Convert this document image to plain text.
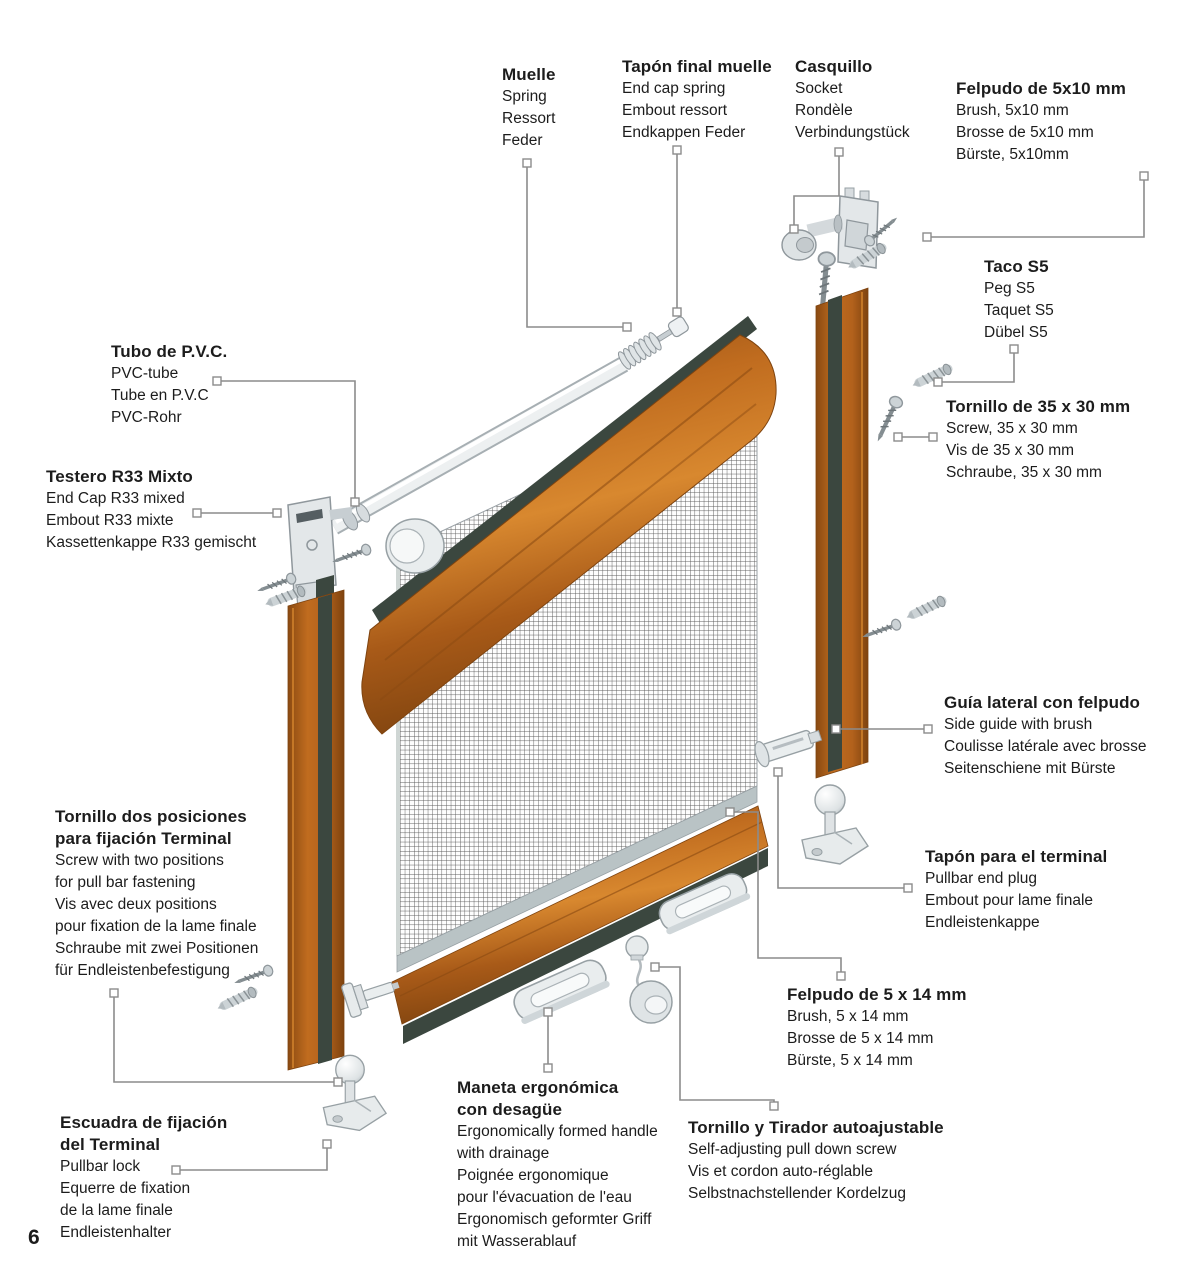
Muelle
Spring
Ressort
Feder
Tapón final muelle
End cap spring
Embout ressort
Endkappen Feder
Casquillo
Socket
Rondèle
Verbindungstück
Felpudo de 5x10 mm
Brush, 5x10 mm
Brosse de 5x10 mm
Bürste, 5x10mm
Taco S5
Peg S5
Taquet S5
Dübel S5
Tornillo de 35 x 30 mm
Screw, 35 x 30 mm
Vis de 35 x 30 mm
Schraube, 35 x 30 mm
Tubo de P.V.C.
PVC-tube
Tube en P.V.C
PVC-Rohr
Testero R33 Mixto
End Cap R33 mixed
Embout R33 mixte
Kassettenkappe R33 gemischt
Guía lateral con felpudo
Side guide with brush
Coulisse latérale avec brosse
Seitenschiene mit Bürste
Tornillo dos posiciones
para fijación Terminal
Screw with two positions
for pull bar fastening
Vis avec deux positions
pour fixation de la lame finale
Schraube mit zwei Positionen
für Endleistenbefestigung
Tapón para el terminal
Pullbar end plug
Embout pour lame finale
Endleistenkappe
Felpudo de 5 x 14 mm
Brush, 5 x 14 mm
Brosse de 5 x 14 mm
Bürste, 5 x 14 mm
Escuadra de fijación
del Terminal
Pullbar lock
Equerre de fixation
de la lame finale
Endleistenhalter
Maneta ergonómica
con desagüe
Ergonomically formed handle
with drainage
Poignée ergonomique
pour l'évacuation de l'eau
Ergonomisch geformter Griff
mit Wasserablauf
Tornillo y Tirador autoajustable
Self-adjusting pull down screw
Vis et cordon auto-réglable
Selbstnachstellender Kordelzug
6
